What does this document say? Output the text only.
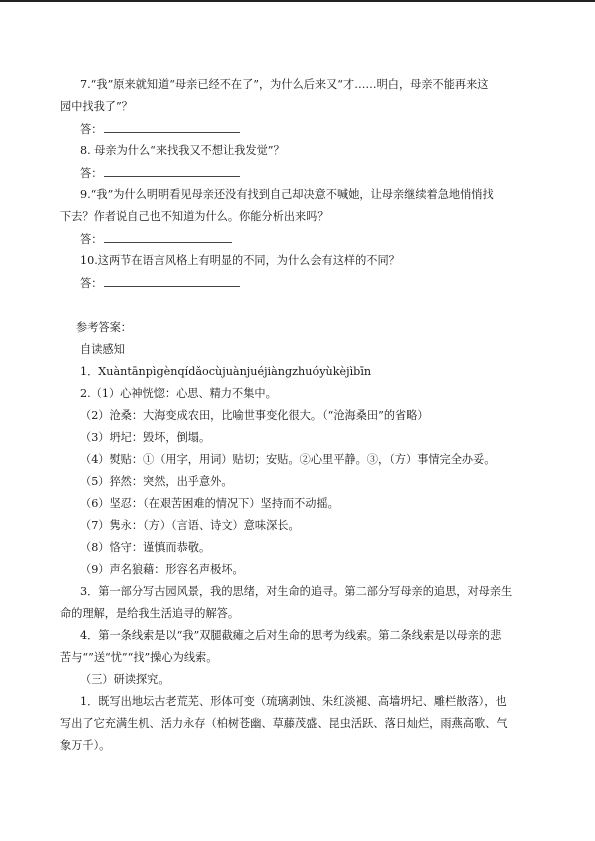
7.“我”原来就知道“母亲已经不在了”，为什么后来又“才……明白，母亲不能再来这
园中找我了”？
答：
8. 母亲为什么“来找我又不想让我发觉”？
答：
9.“我”为什么明明看见母亲还没有找到自己却决意不喊她，让母亲继续着急地悄悄找
下去？作者说自己也不知道为什么。你能分析出来吗？
答：
10.这两节在语言风格上有明显的不同，为什么会有这样的不同？
答：
参考答案：
自读感知
1．Xuàntānpìgènqídǎocùjuànjuéjiàngzhuóyùkèjìbīn
2.（1）心神恍惚：心思、精力不集中。
（2）沧桑：大海变成农田，比喻世事变化很大。（“沧海桑田”的省略）
（3）坍圮：毁坏，倒塌。
（4）熨贴：①（用字，用词）贴切；安贴。②心里平静。③，（方）事情完全办妥。
（5）猝然：突然，出乎意外。
（6）坚忍：（在艰苦困难的情况下）坚持而不动摇。
（7）隽永：（方）（言语、诗文）意味深长。
（8）恪守：谨慎而恭敬。
（9）声名狼藉：形容名声极坏。
3．第一部分写古园风景，我的思绪，对生命的追寻。第二部分写母亲的追思，对母亲生
命的理解，是给我生活追寻的解答。
4．第一条线索是以“我”双腿截瘫之后对生命的思考为线索。第二条线索是以母亲的悲
苦与“”送“忧”“找”操心为线索。
（三）研读探究。
1．既写出地坛古老荒芜、形体可变（琉璃剥蚀、朱红淡褪、高墙坍圮、雕栏散落），也
写出了它充满生机、活力永存（柏树苍幽、草藤茂盛、昆虫活跃、落日灿烂，雨燕高歌、气
象万千）。
